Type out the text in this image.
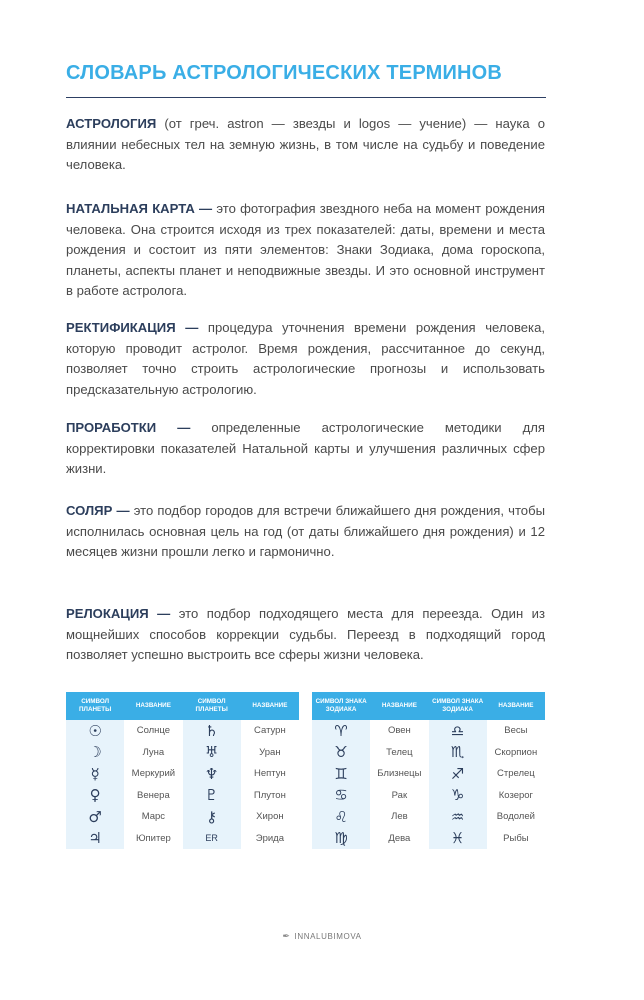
СЛОВАРЬ АСТРОЛОГИЧЕСКИХ ТЕРМИНОВ
АСТРОЛОГИЯ (от греч. astron — звезды и logos — учение) — наука о влиянии небесных тел на земную жизнь, в том числе на судьбу и поведение человека.
НАТАЛЬНАЯ КАРТА — это фотография звездного неба на момент рождения человека. Она строится исходя из трех показателей: даты, времени и места рождения и состоит из пяти элементов: Знаки Зодиака, дома гороскопа, планеты, аспекты планет и неподвижные звезды. И это основной инструмент в работе астролога.
РЕКТИФИКАЦИЯ — процедура уточнения времени рождения человека, которую проводит астролог. Время рождения, рассчитанное до секунд, позволяет точно строить астрологические прогнозы и использовать предсказательную астрологию.
ПРОРАБОТКИ — определенные астрологические методики для корректировки показателей Натальной карты и улучшения различных сфер жизни.
СОЛЯР — это подбор городов для встречи ближайшего дня рождения, чтобы исполнилась основная цель на год (от даты ближайшего дня рождения) и 12 месяцев жизни прошли легко и гармонично.
РЕЛОКАЦИЯ — это подбор подходящего места для переезда. Один из мощнейших способов коррекции судьбы. Переезд в подходящий город позволяет успешно выстроить все сферы жизни человека.
СИМВОЛ ПЛАНЕТЫ	НАЗВАНИЕ	СИМВОЛ ПЛАНЕТЫ	НАЗВАНИЕ
☉	Солнце	♄	Сатурн
☽	Луна	♅	Уран
☿	Меркурий	♆	Нептун
♀	Венера	♇	Плутон
♂	Марс	⚷	Хирон
♃	Юпитер	ER	Эрида
СИМВОЛ ЗНАКА ЗОДИАКА	НАЗВАНИЕ	СИМВОЛ ЗНАКА ЗОДИАКА	НАЗВАНИЕ
♈	Овен	♎	Весы
♉	Телец	♏	Скорпион
♊	Близнецы	♐	Стрелец
♋	Рак	♑	Козерог
♌	Лев	♒	Водолей
♍	Дева	♓	Рыбы
✒ INNALUBIMOVA
